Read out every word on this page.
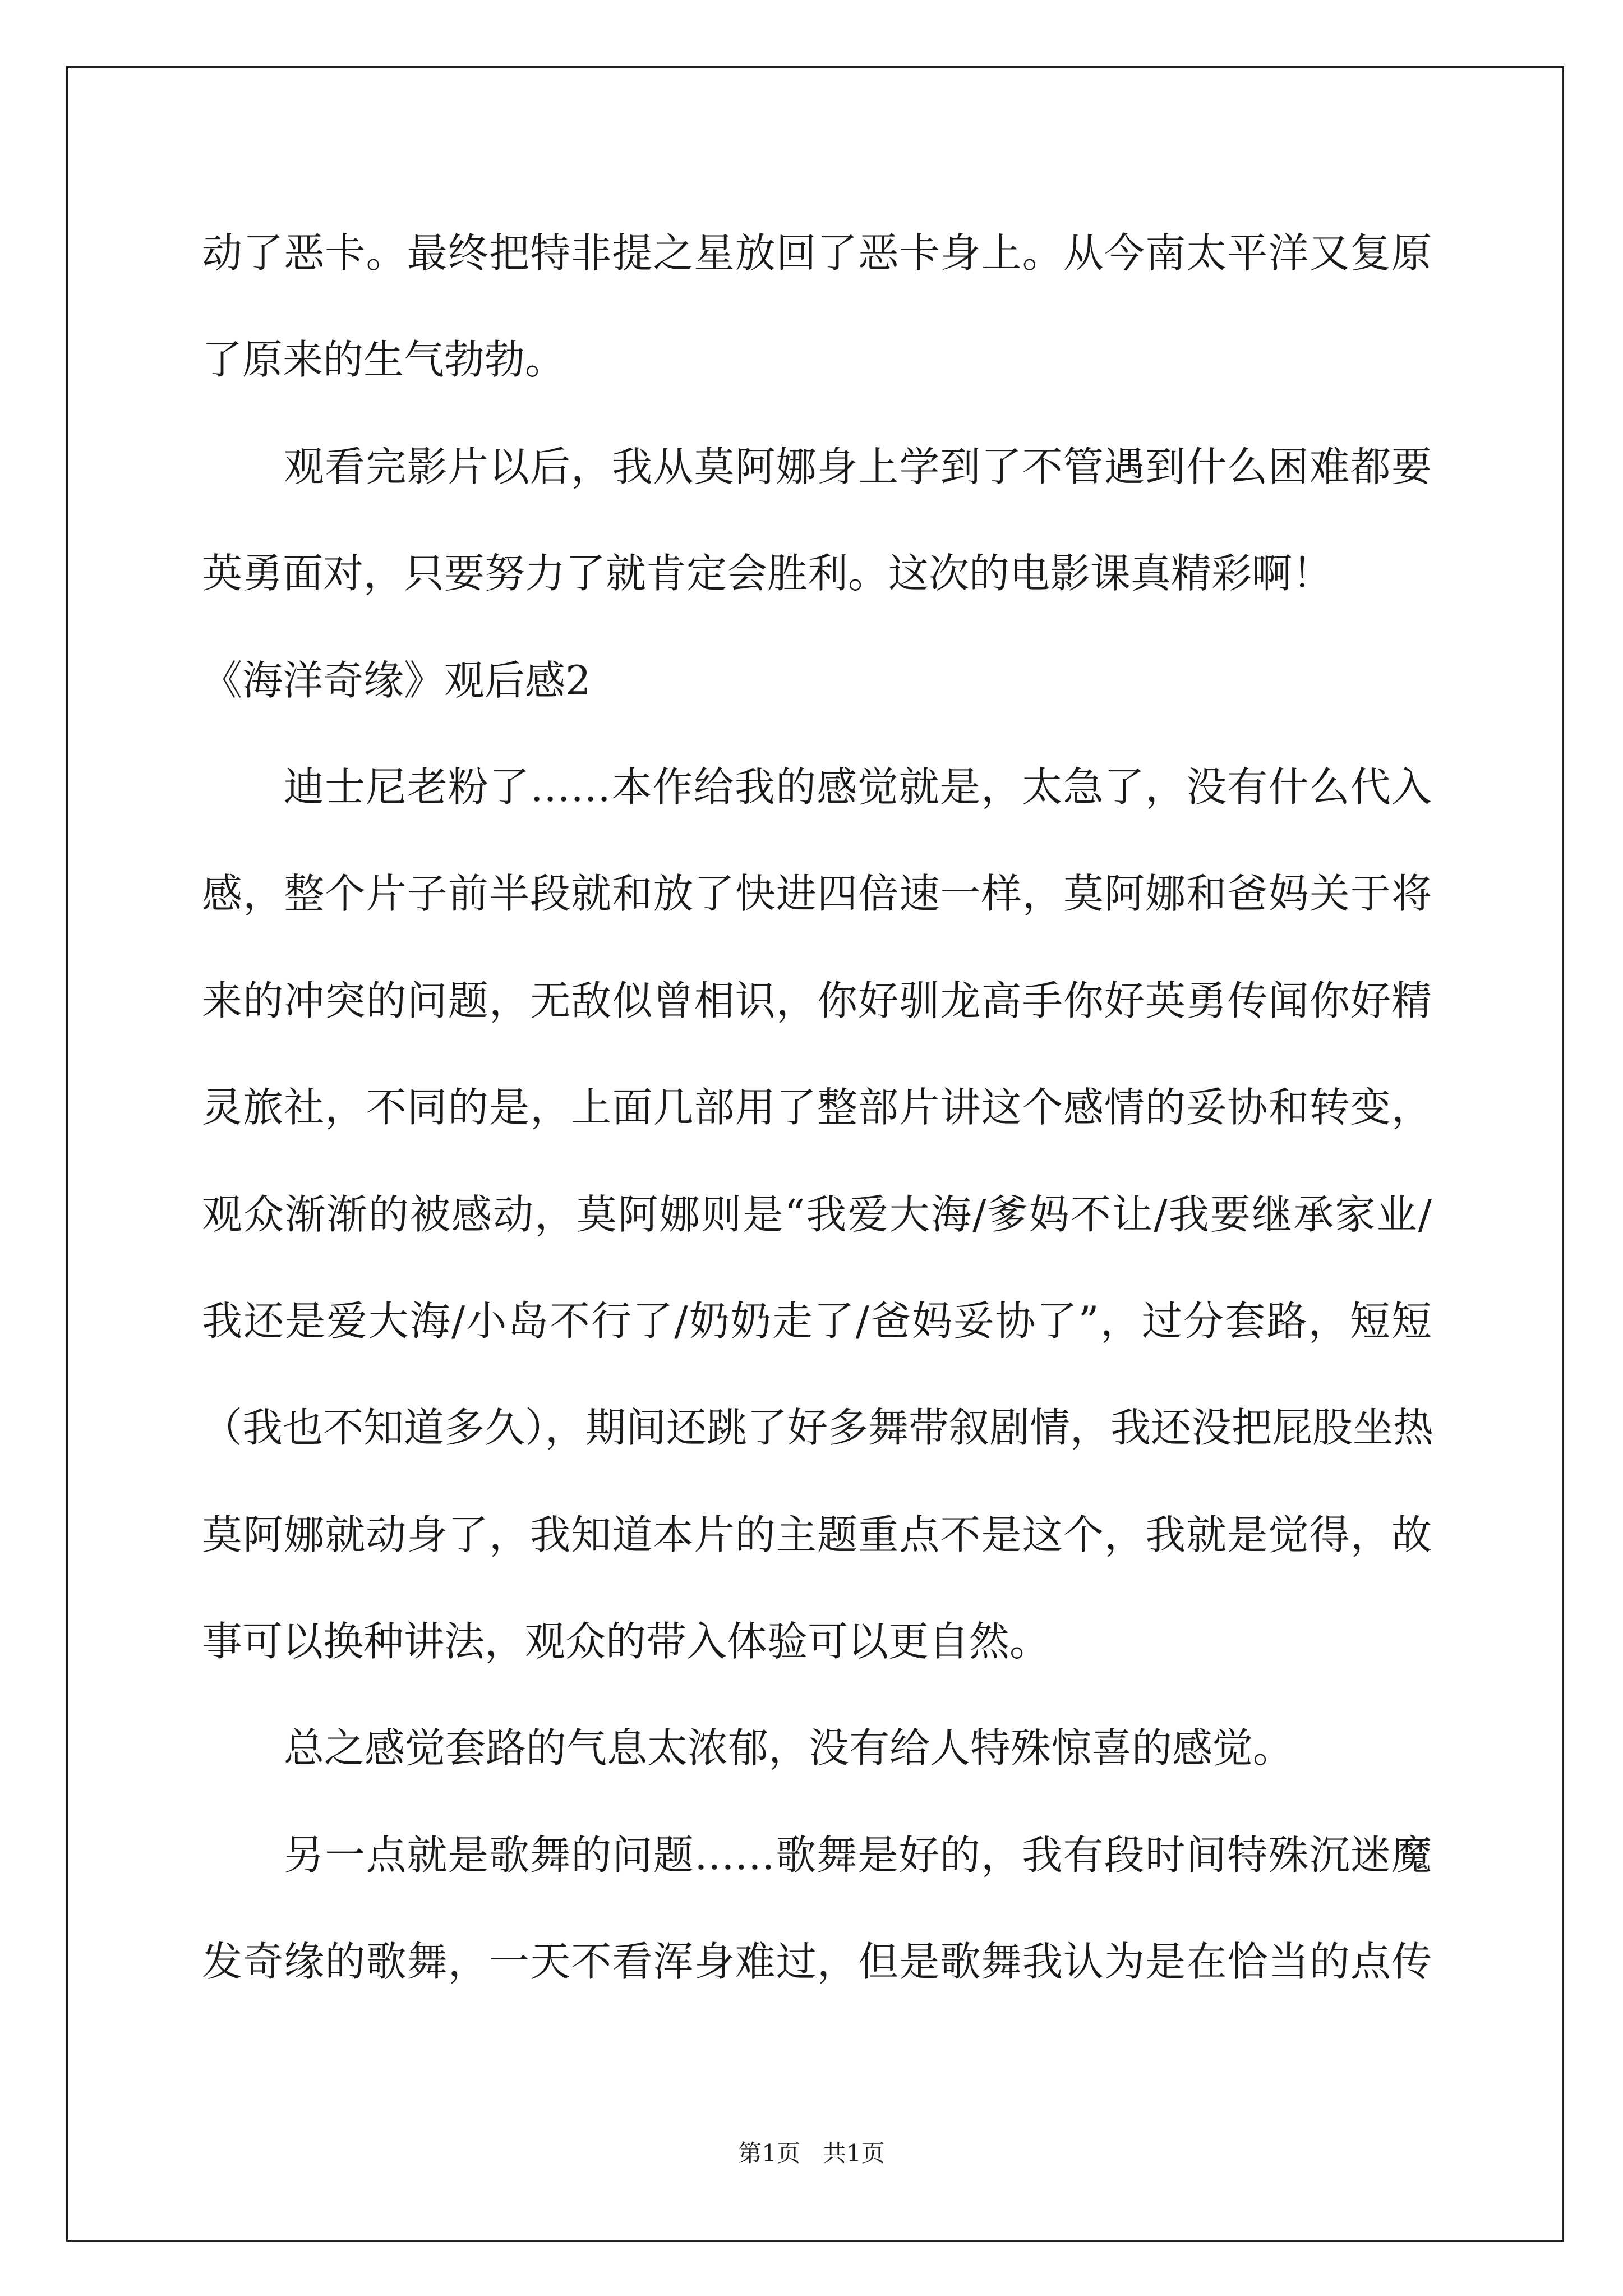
动了恶卡。最终把特非提之星放回了恶卡身上。从今南太平洋又复原
了原来的生气勃勃。
观看完影片以后，我从莫阿娜身上学到了不管遇到什么困难都要
英勇面对，只要努力了就肯定会胜利。这次的电影课真精彩啊！
《海洋奇缘》观后感2
迪士尼老粉了……本作给我的感觉就是，太急了，没有什么代入
感，整个片子前半段就和放了快进四倍速一样，莫阿娜和爸妈关于将
来的冲突的问题，无敌似曾相识，你好驯龙高手你好英勇传闻你好精
灵旅社，不同的是，上面几部用了整部片讲这个感情的妥协和转变，
观众渐渐的被感动，莫阿娜则是“我爱大海/爹妈不让/我要继承家业/
我还是爱大海/小岛不行了/奶奶走了/爸妈妥协了”，过分套路，短短
（我也不知道多久），期间还跳了好多舞带叙剧情，我还没把屁股坐热
莫阿娜就动身了，我知道本片的主题重点不是这个，我就是觉得，故
事可以换种讲法，观众的带入体验可以更自然。
总之感觉套路的气息太浓郁，没有给人特殊惊喜的感觉。
另一点就是歌舞的问题……歌舞是好的，我有段时间特殊沉迷魔
发奇缘的歌舞，一天不看浑身难过，但是歌舞我认为是在恰当的点传
第1页   共1页
